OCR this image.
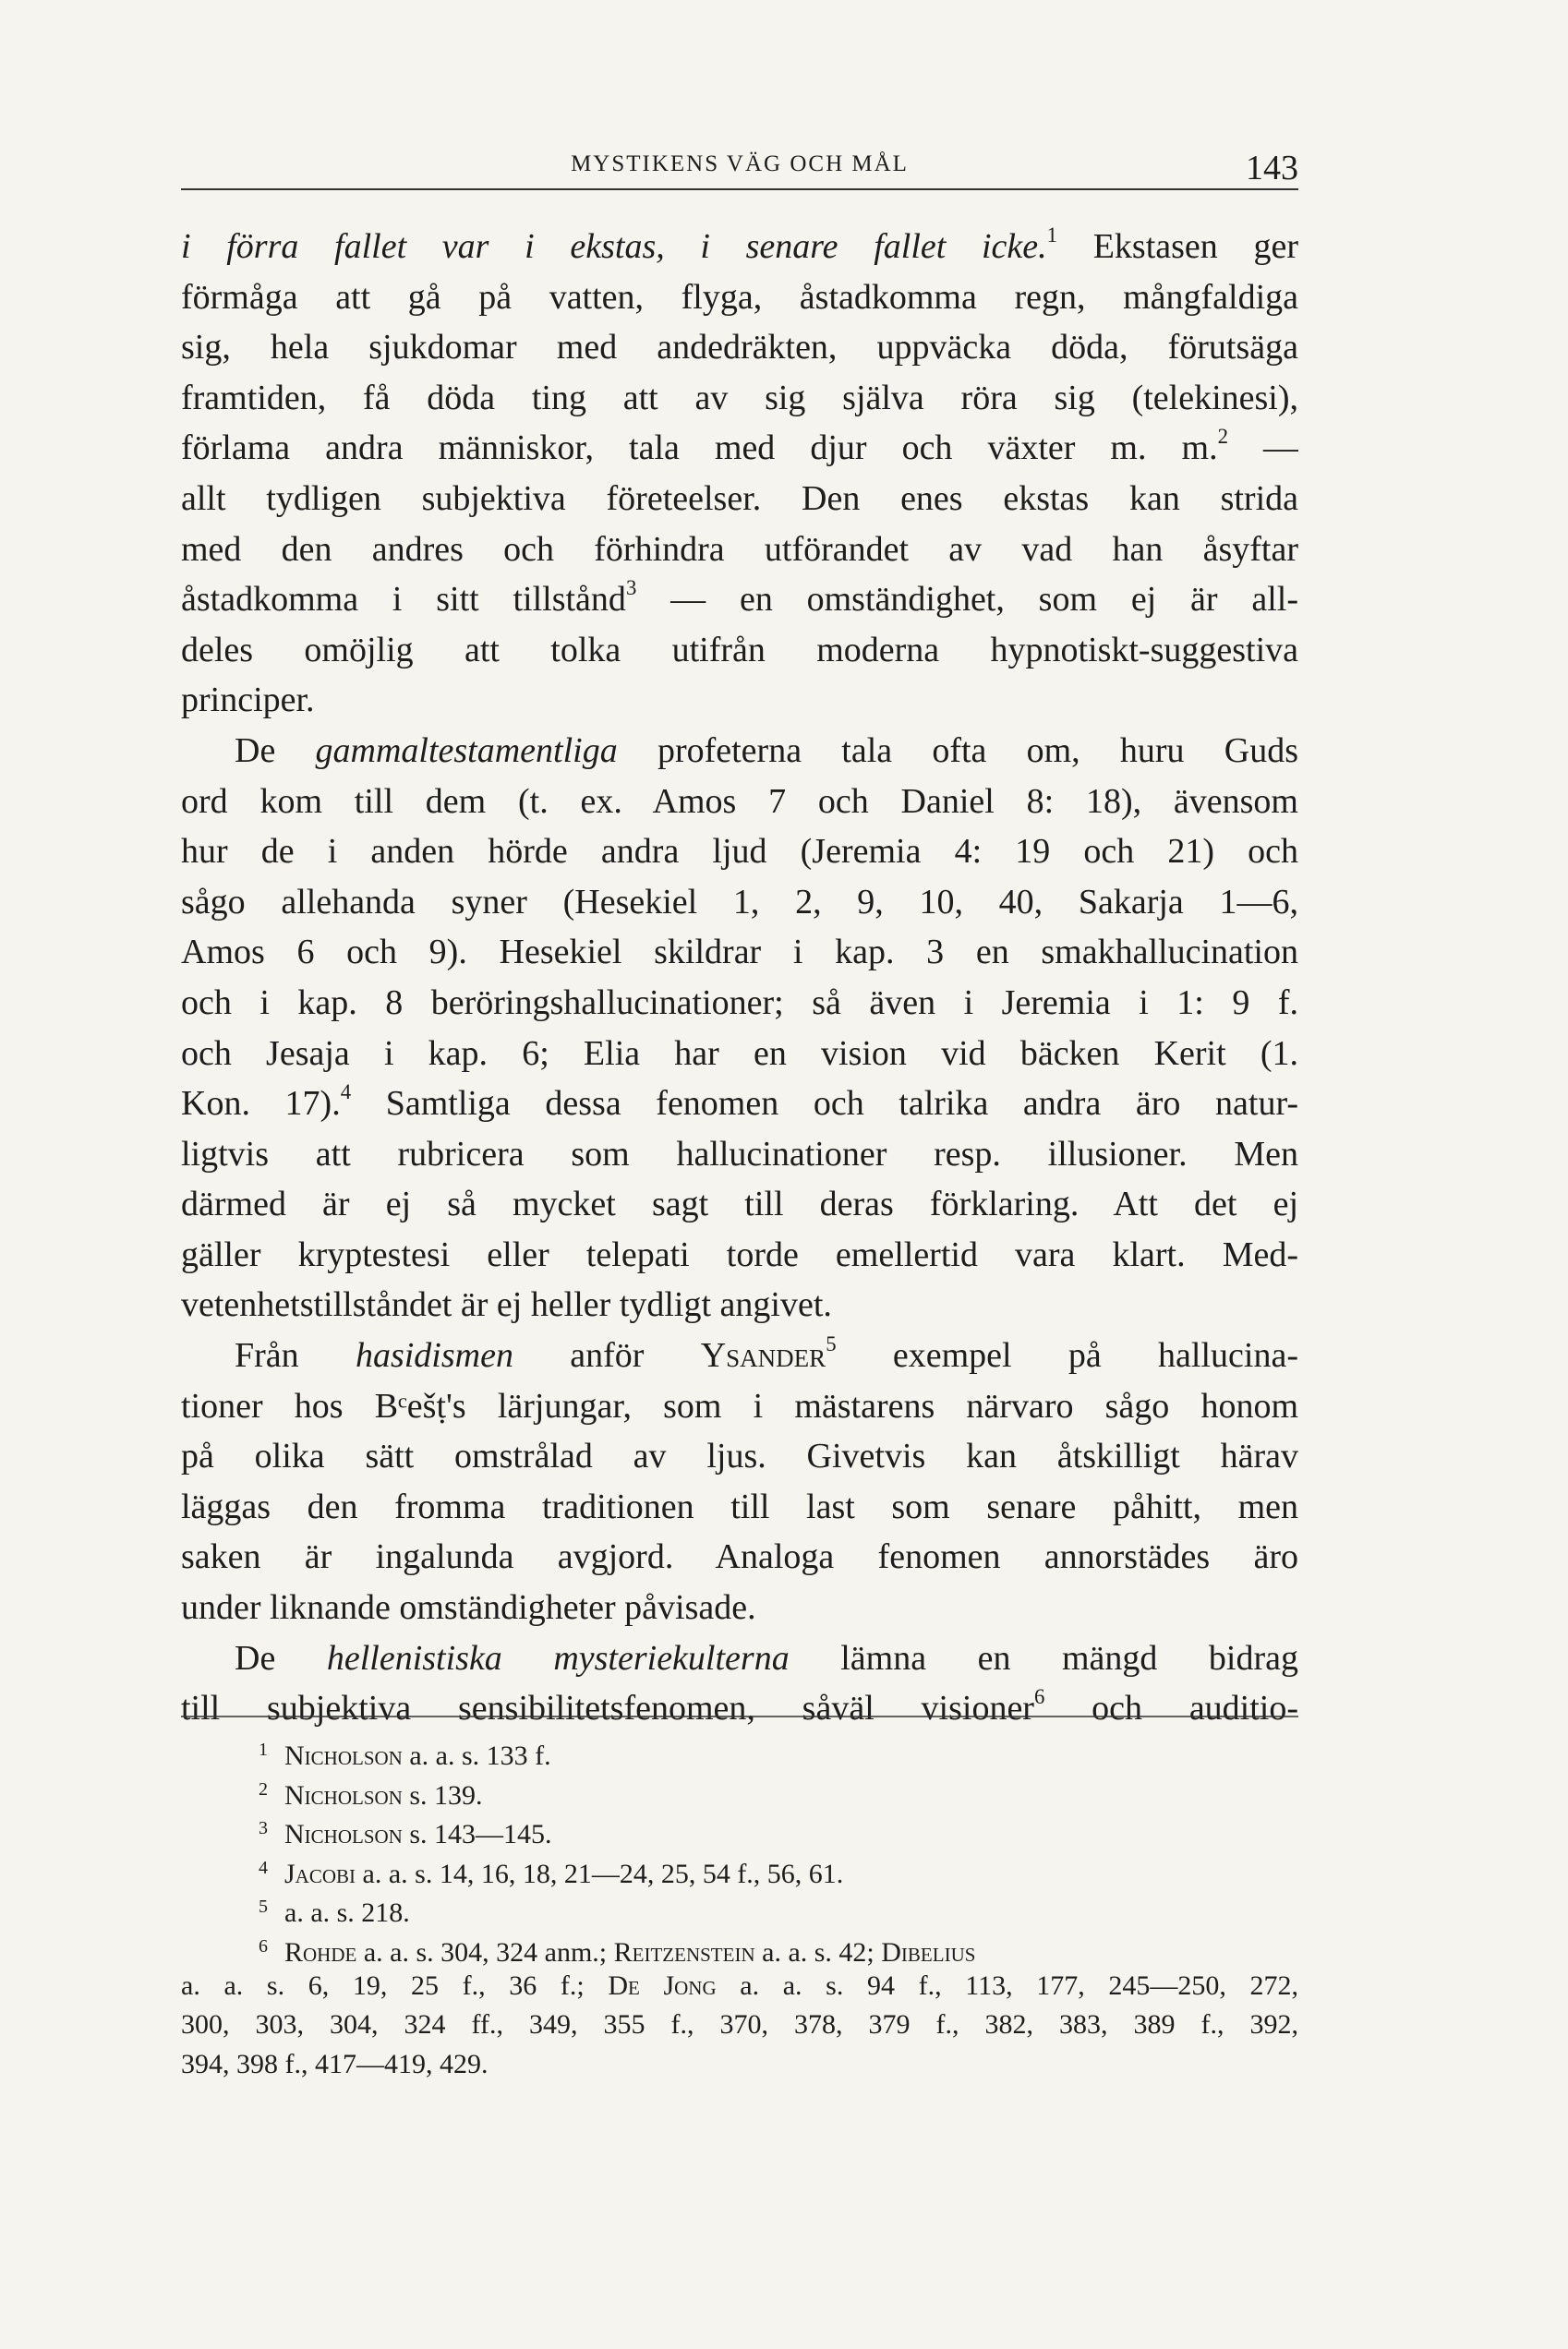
MYSTIKENS VÄG OCH MÅL	143
i förra fallet var i ekstas, i senare fallet icke.$^1$ Ekstasen ger
förmåga att gå på vatten, flyga, åstadkomma regn, mångfaldiga
sig, hela sjukdomar med andedräkten, uppväcka döda, förutsäga
framtiden, få döda ting att av sig själva röra sig (telekinesi),
förlama andra människor, tala med djur och växter m. m.$^2$ —
allt tydligen subjektiva företeelser. Den enes ekstas kan strida
med den andres och förhindra utförandet av vad han åsyftar
åstadkomma i sitt tillstånd$^3$ — en omständighet, som ej är all-
deles omöjlig att tolka utifrån moderna hypnotiskt-suggestiva
principer.
De gammaltestamentliga profeterna tala ofta om, huru Guds
ord kom till dem (t. ex. Amos 7 och Daniel 8: 18), ävensom
hur de i anden hörde andra ljud (Jeremia 4: 19 och 21) och
sågo allehanda syner (Hesekiel 1, 2, 9, 10, 40, Sakarja 1—6,
Amos 6 och 9). Hesekiel skildrar i kap. 3 en smakhallucination
och i kap. 8 beröringshallucinationer; så även i Jeremia i 1: 9 f.
och Jesaja i kap. 6; Elia har en vision vid bäcken Kerit (1.
Kon. 17).$^4$ Samtliga dessa fenomen och talrika andra äro natur-
ligtvis att rubricera som hallucinationer resp. illusioner. Men
därmed är ej så mycket sagt till deras förklaring. Att det ej
gäller kryptestesi eller telepati torde emellertid vara klart. Med-
vetenhetstillståndet är ej heller tydligt angivet.
Från hasidismen anför Ysander$^5$ exempel på hallucina-
tioner hos Bᶜešṭ's lärjungar, som i mästarens närvaro sågo honom
på olika sätt omstrålad av ljus. Givetvis kan åtskilligt härav
läggas den fromma traditionen till last som senare påhitt, men
saken är ingalunda avgjord. Analoga fenomen annorstädes äro
under liknande omständigheter påvisade.
De hellenistiska mysteriekulterna lämna en mängd bidrag
till subjektiva sensibilitetsfenomen, såväl visioner$^6$ och auditio-
1 Nicholson a. a. s. 133 f.
2 Nicholson s. 139.
3 Nicholson s. 143—145.
4 Jacobi a. a. s. 14, 16, 18, 21—24, 25, 54 f., 56, 61.
5 a. a. s. 218.
6 Rohde a. a. s. 304, 324 anm.; Reitzenstein a. a. s. 42; Dibelius
a. a. s. 6, 19, 25 f., 36 f.; De Jong a. a. s. 94 f., 113, 177, 245—250, 272,
300, 303, 304, 324 ff., 349, 355 f., 370, 378, 379 f., 382, 383, 389 f., 392,
394, 398 f., 417—419, 429.
